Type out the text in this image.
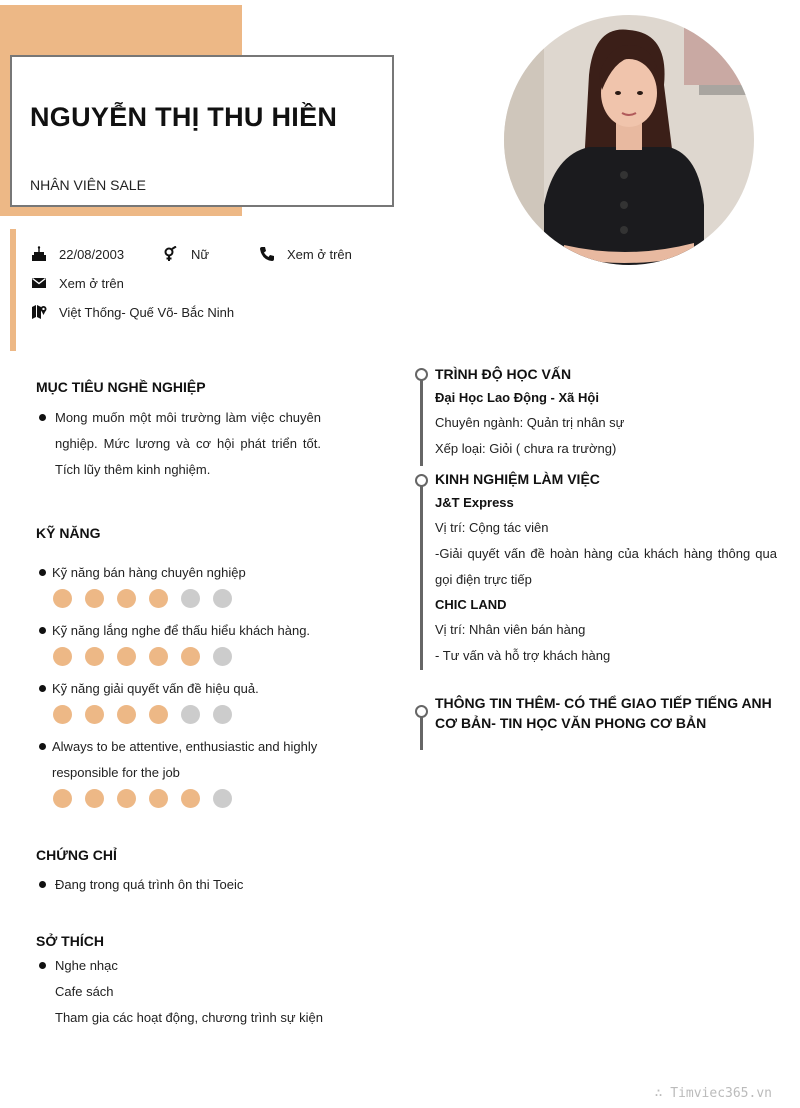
NGUYỄN THỊ THU HIỀN
NHÂN VIÊN SALE
22/08/2003	Nữ	Xem ở trên
Xem ở trên
Việt Thống- Quế Võ- Bắc Ninh
MỤC TIÊU NGHỀ NGHIỆP
Mong muốn một môi trường làm việc chuyên
nghiệp. Mức lương và cơ hội phát triển tốt.
Tích lũy thêm kinh nghiệm.
KỸ NĂNG
Kỹ năng bán hàng chuyên nghiệp
Kỹ năng lắng nghe để thấu hiểu khách hàng.
Kỹ năng giải quyết vấn đề hiệu quả.
Always to be attentive, enthusiastic and highly
responsible for the job
CHỨNG CHỈ
Đang trong quá trình ôn thi Toeic
SỞ THÍCH
Nghe nhạc
Cafe sách
Tham gia các hoạt động, chương trình sự kiện
TRÌNH ĐỘ HỌC VẤN
Đại Học Lao Động - Xã Hội
Chuyên ngành: Quản trị nhân sự
Xếp loại: Giỏi ( chưa ra trường)
KINH NGHIỆM LÀM VIỆC
J&T Express
Vị trí: Cộng tác viên
-Giải quyết vấn đề hoàn hàng của khách hàng thông qua
gọi điện trực tiếp
CHIC LAND
Vị trí: Nhân viên bán hàng
- Tư vấn và hỗ trợ khách hàng
THÔNG TIN THÊM- CÓ THỂ GIAO TIẾP TIẾNG ANH
CƠ BẢN- TIN HỌC VĂN PHONG CƠ BẢN
∴ Timviec365.vn
